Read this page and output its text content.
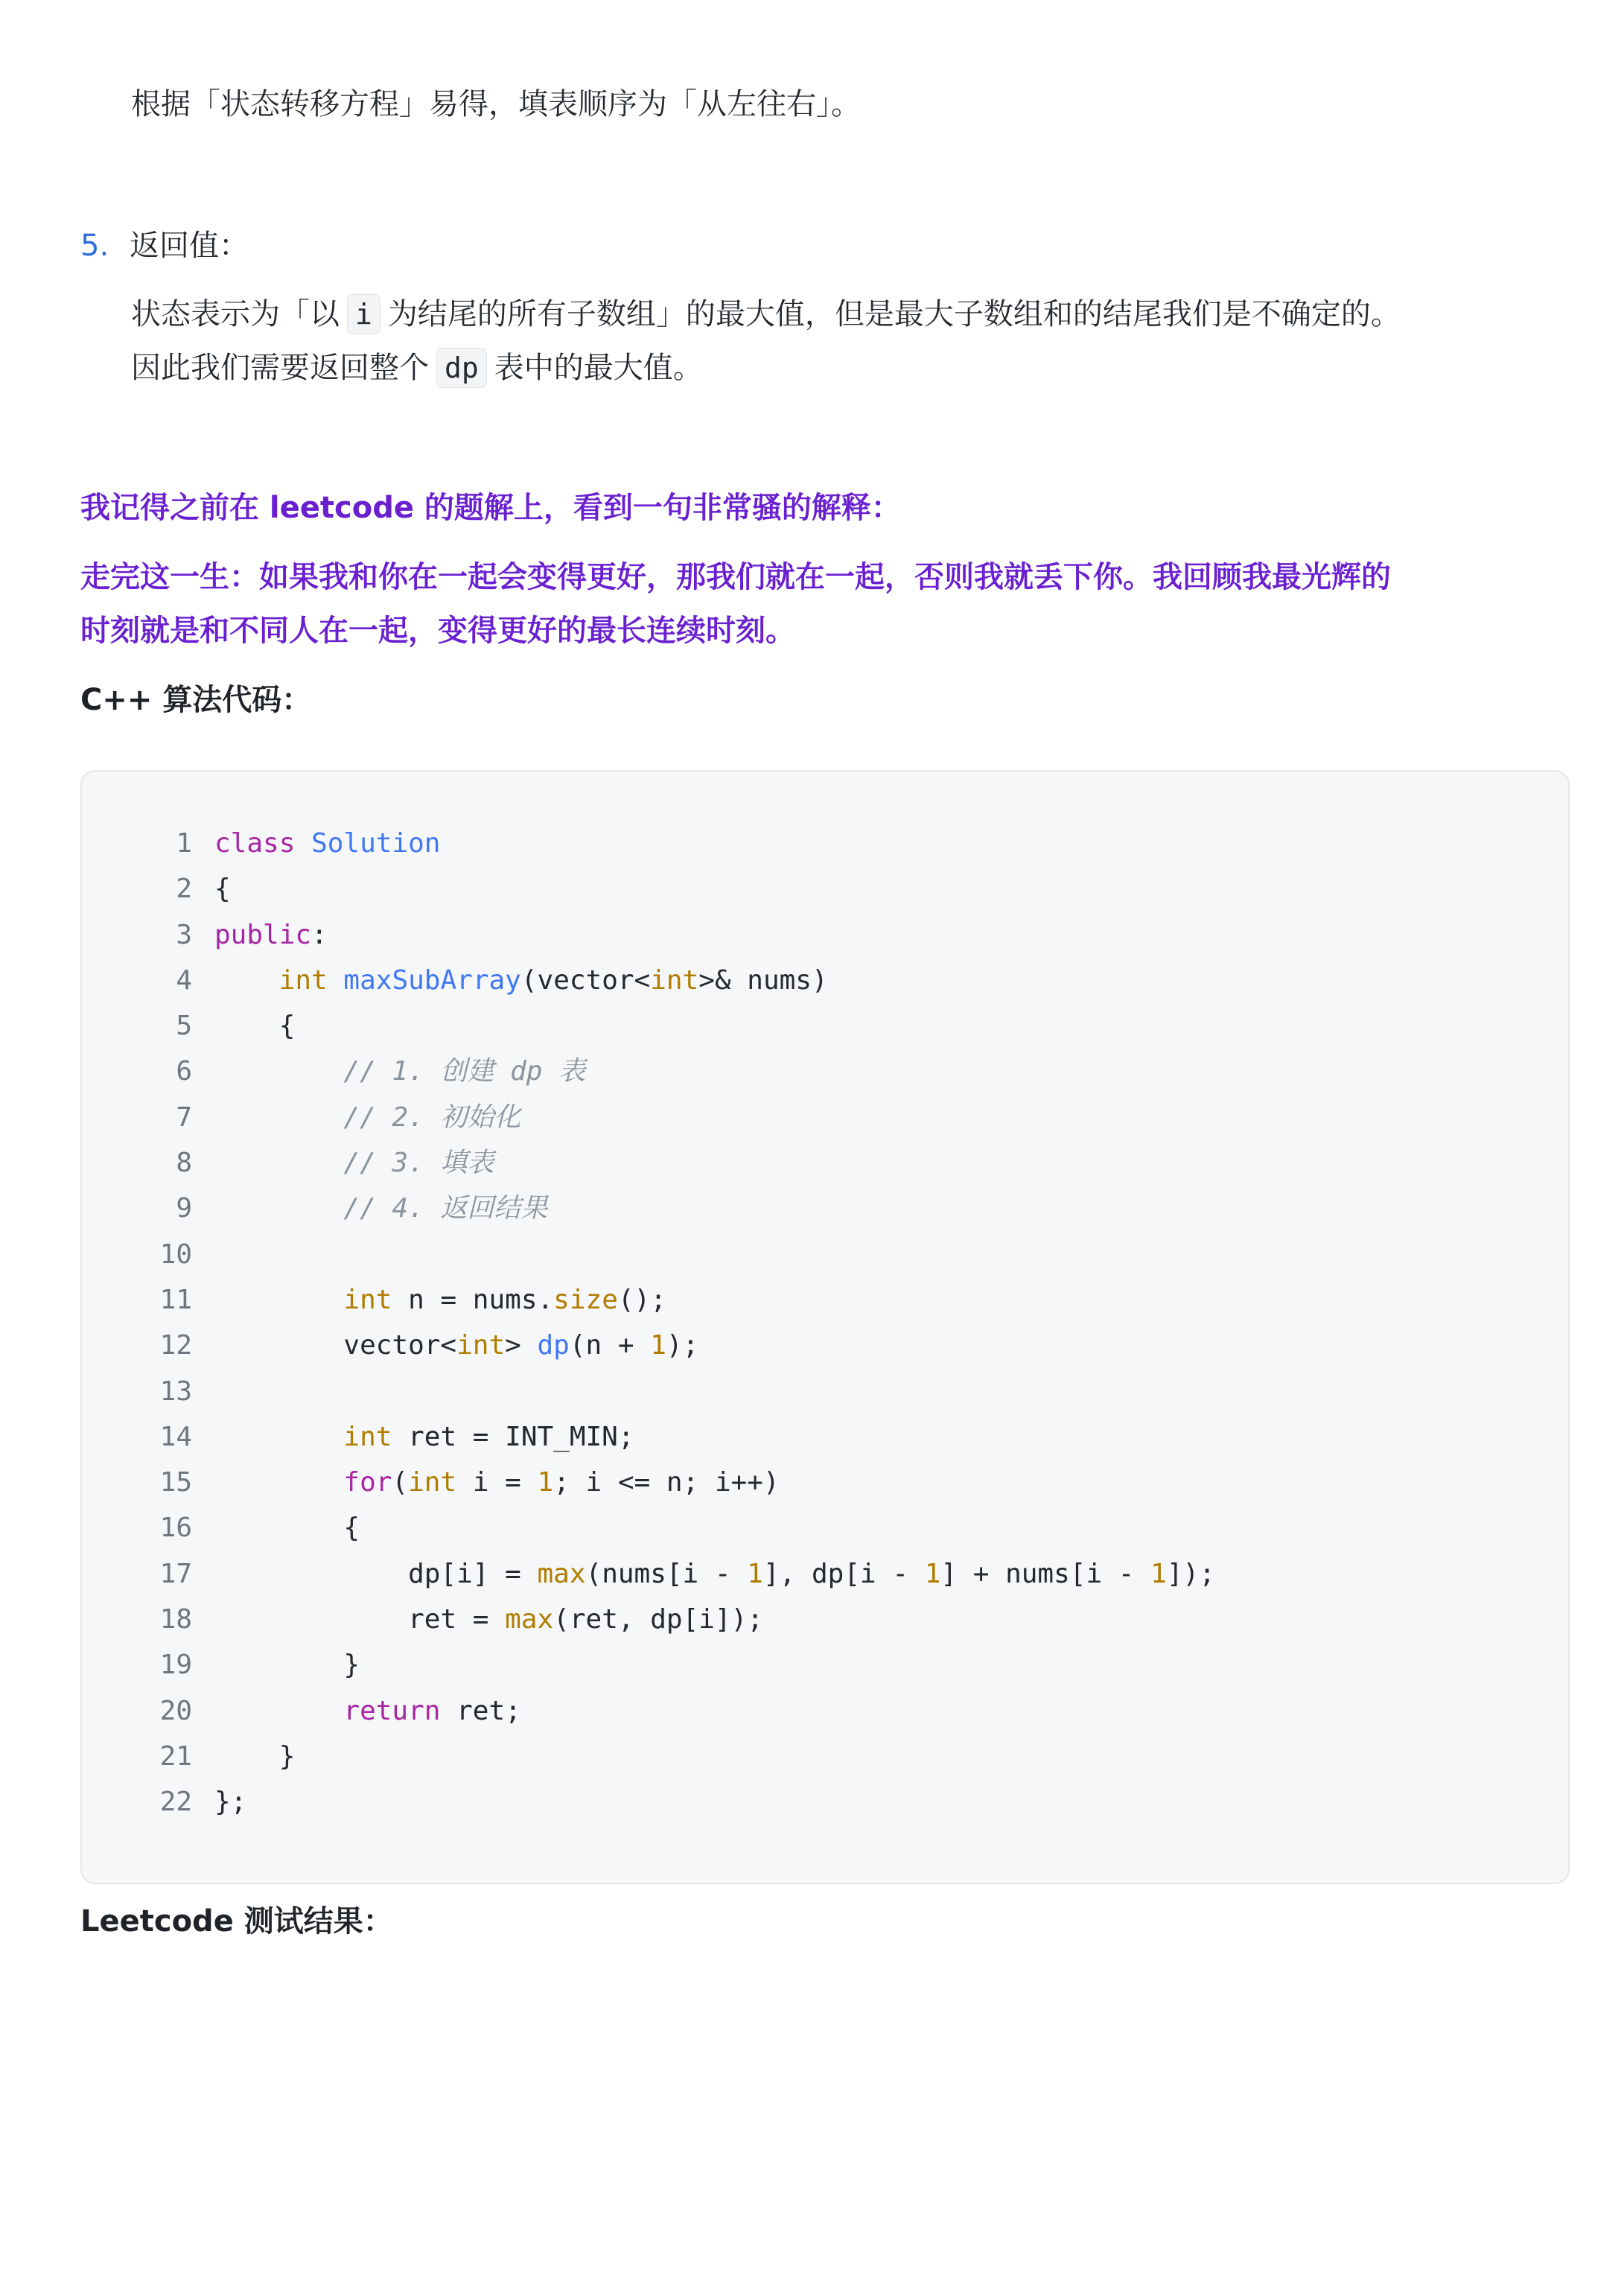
根据「状态转移方程」易得，填表顺序为「从左往右」。
5. 返回值：
状态表示为「以 i 为结尾的所有子数组」的最大值，但是最大子数组和的结尾我们是不确定的。
因此我们需要返回整个 dp 表中的最大值。
我记得之前在 leetcode 的题解上，看到一句非常骚的解释：
走完这一生：如果我和你在一起会变得更好，那我们就在一起，否则我就丢下你。我回顾我最光辉的
时刻就是和不同人在一起，变得更好的最长连续时刻。
C++ 算法代码：
1 class Solution
2 {
3 public:
4	int maxSubArray(vector<int>& nums)
5	{
6	// 1. 创建 dp 表
7	// 2. 初始化
8	// 3. 填表
9	// 4. 返回结果
10
11	int n = nums.size();
12	vector<int> dp(n + 1);
13
14	int ret = INT_MIN;
15	for(int i = 1; i <= n; i++)
16	{
17	dp[i] = max(nums[i - 1], dp[i - 1] + nums[i - 1]);
18	ret = max(ret, dp[i]);
19	}
20	return ret;
21	}
22 };
Leetcode 测试结果：
